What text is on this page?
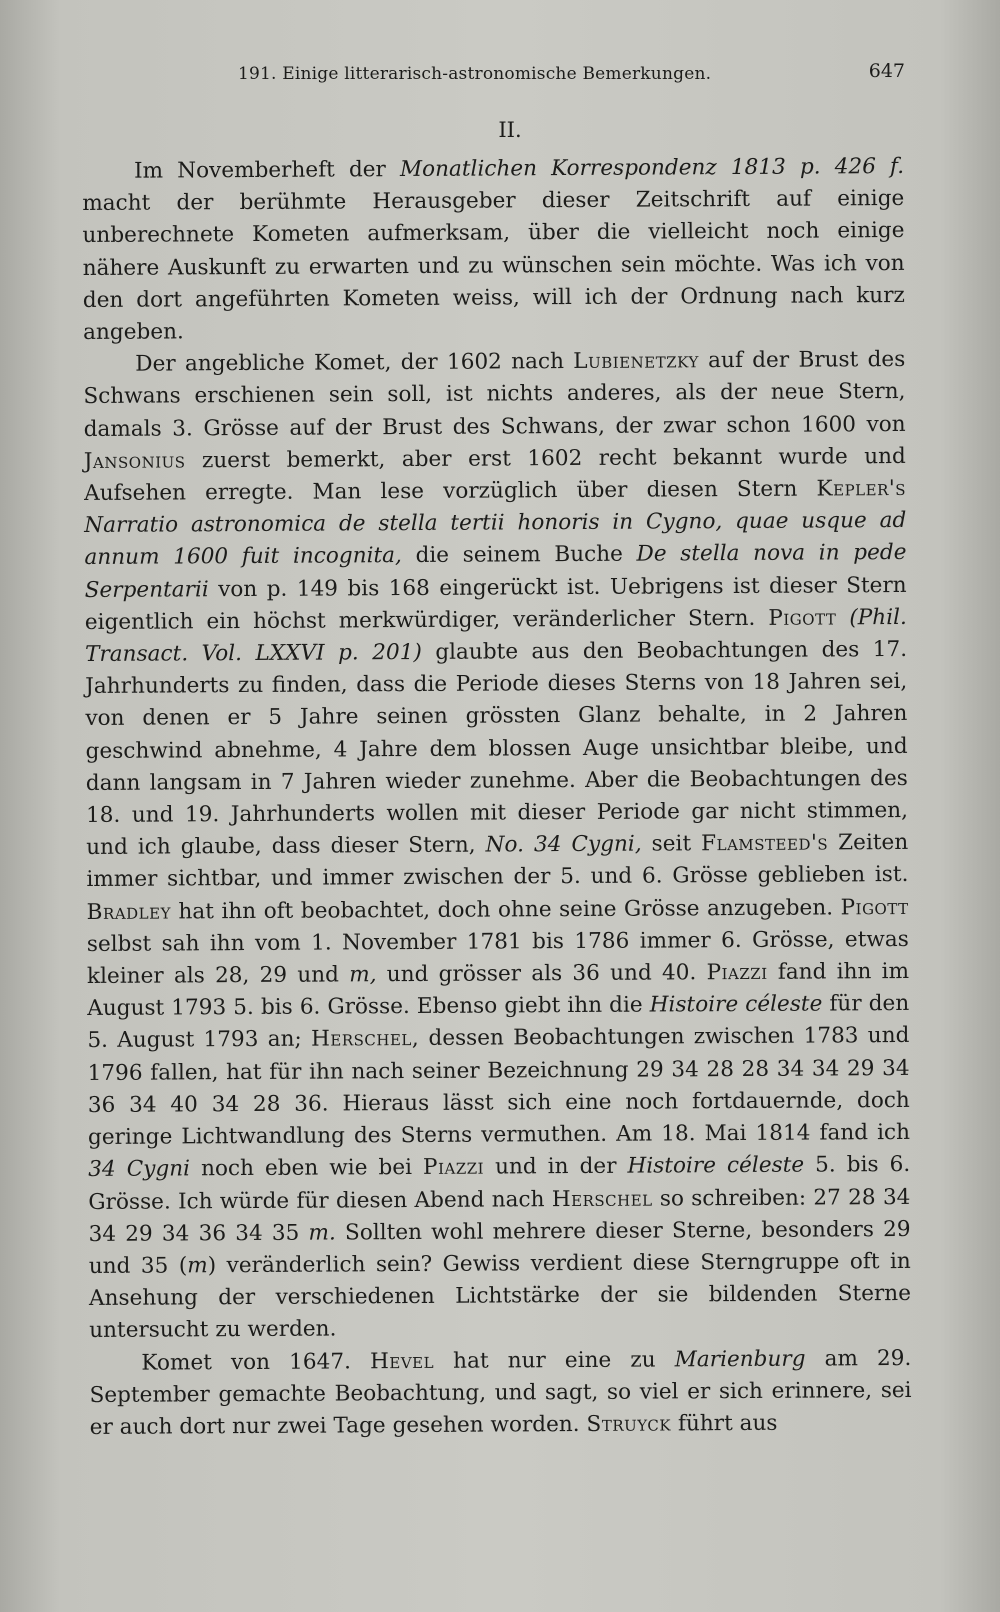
191. Einige litterarisch-astronomische Bemerkungen.	647
II.

Im Novemberheft der Monatlichen Korrespondenz 1813 p. 426 f. macht der berühmte Herausgeber dieser Zeitschrift auf einige unberechnete Kometen aufmerksam, über die vielleicht noch einige nähere Auskunft zu erwarten und zu wünschen sein möchte. Was ich von den dort angeführten Kometen weiss, will ich der Ordnung nach kurz angeben.

Der angebliche Komet, der 1602 nach Lubienetzky auf der Brust des Schwans erschienen sein soll, ist nichts anderes, als der neue Stern, damals 3. Grösse auf der Brust des Schwans, der zwar schon 1600 von Jansonius zuerst bemerkt, aber erst 1602 recht bekannt wurde und Aufsehen erregte. Man lese vorzüglich über diesen Stern Kepler's Narratio astronomica de stella tertii honoris in Cygno, quae usque ad annum 1600 fuit incognita, die seinem Buche De stella nova in pede Serpentarii von p. 149 bis 168 eingerückt ist. Uebrigens ist dieser Stern eigentlich ein höchst merkwürdiger, veränderlicher Stern. Pigott (Phil. Transact. Vol. LXXVI p. 201) glaubte aus den Beobachtungen des 17. Jahrhunderts zu finden, dass die Periode dieses Sterns von 18 Jahren sei, von denen er 5 Jahre seinen grössten Glanz behalte, in 2 Jahren geschwind abnehme, 4 Jahre dem blossen Auge unsichtbar bleibe, und dann langsam in 7 Jahren wieder zunehme. Aber die Beobachtungen des 18. und 19. Jahrhunderts wollen mit dieser Periode gar nicht stimmen, und ich glaube, dass dieser Stern, No. 34 Cygni, seit Flamsteed's Zeiten immer sichtbar, und immer zwischen der 5. und 6. Grösse geblieben ist. Bradley hat ihn oft beobachtet, doch ohne seine Grösse anzugeben. Pigott selbst sah ihn vom 1. November 1781 bis 1786 immer 6. Grösse, etwas kleiner als 28, 29 und m, und grösser als 36 und 40. Piazzi fand ihn im August 1793 5. bis 6. Grösse. Ebenso giebt ihn die Histoire céleste für den 5. August 1793 an; Herschel, dessen Beobachtungen zwischen 1783 und 1796 fallen, hat für ihn nach seiner Bezeichnung 29 34 28 28 34 34 29 34 36 34 40 34 28 36. Hieraus lässt sich eine noch fortdauernde, doch geringe Lichtwandlung des Sterns vermuthen. Am 18. Mai 1814 fand ich 34 Cygni noch eben wie bei Piazzi und in der Histoire céleste 5. bis 6. Grösse. Ich würde für diesen Abend nach Herschel so schreiben: 27 28 34 34 29 34 36 34 35 m. Sollten wohl mehrere dieser Sterne, besonders 29 und 35 (m) veränderlich sein? Gewiss verdient diese Sterngruppe oft in Ansehung der verschiedenen Lichtstärke der sie bildenden Sterne untersucht zu werden.

Komet von 1647. Hevel hat nur eine zu Marienburg am 29. September gemachte Beobachtung, und sagt, so viel er sich erinnere, sei er auch dort nur zwei Tage gesehen worden. Struyck führt aus
